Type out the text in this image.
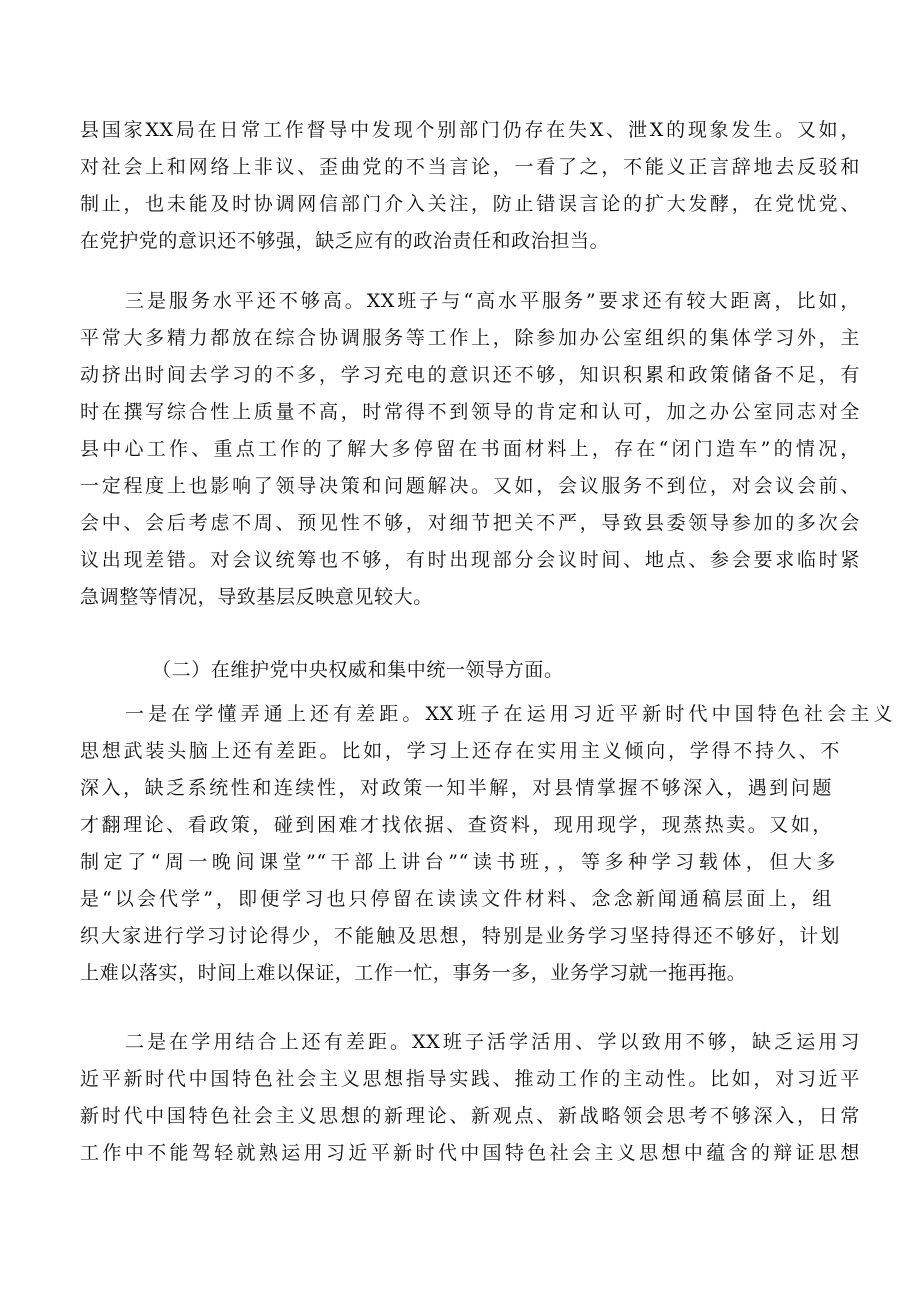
县国家XX局在日常工作督导中发现个别部门仍存在失X、泄X的现象发生。又如，
对社会上和网络上非议、歪曲党的不当言论，一看了之，不能义正言辞地去反驳和
制止，也未能及时协调网信部门介入关注，防止错误言论的扩大发酵，在党忧党、
在党护党的意识还不够强，缺乏应有的政治责任和政治担当。
三是服务水平还不够高。XX班子与“高水平服务”要求还有较大距离，比如，
平常大多精力都放在综合协调服务等工作上，除参加办公室组织的集体学习外，主
动挤出时间去学习的不多，学习充电的意识还不够，知识积累和政策储备不足，有
时在撰写综合性上质量不高，时常得不到领导的肯定和认可，加之办公室同志对全
县中心工作、重点工作的了解大多停留在书面材料上，存在“闭门造车”的情况，
一定程度上也影响了领导决策和问题解决。又如，会议服务不到位，对会议会前、
会中、会后考虑不周、预见性不够，对细节把关不严，导致县委领导参加的多次会
议出现差错。对会议统筹也不够，有时出现部分会议时间、地点、参会要求临时紧
急调整等情况，导致基层反映意见较大。
（二）在维护党中央权威和集中统一领导方面。
一是在学懂弄通上还有差距。XX班子在运用习近平新时代中国特色社会主义
思想武装头脑上还有差距。比如，学习上还存在实用主义倾向，学得不持久、不
深入，缺乏系统性和连续性，对政策一知半解，对县情掌握不够深入，遇到问题
才翻理论、看政策，碰到困难才找依据、查资料，现用现学，现蒸热卖。又如，
制定了“周一晚间课堂”“干部上讲台”“读书班，，等多种学习载体，但大多
是“以会代学”，即便学习也只停留在读读文件材料、念念新闻通稿层面上，组
织大家进行学习讨论得少，不能触及思想，特别是业务学习坚持得还不够好，计划
上难以落实，时间上难以保证，工作一忙，事务一多，业务学习就一拖再拖。
二是在学用结合上还有差距。XX班子活学活用、学以致用不够，缺乏运用习
近平新时代中国特色社会主义思想指导实践、推动工作的主动性。比如，对习近平
新时代中国特色社会主义思想的新理论、新观点、新战略领会思考不够深入，日常
工作中不能驾轻就熟运用习近平新时代中国特色社会主义思想中蕴含的辩证思想
